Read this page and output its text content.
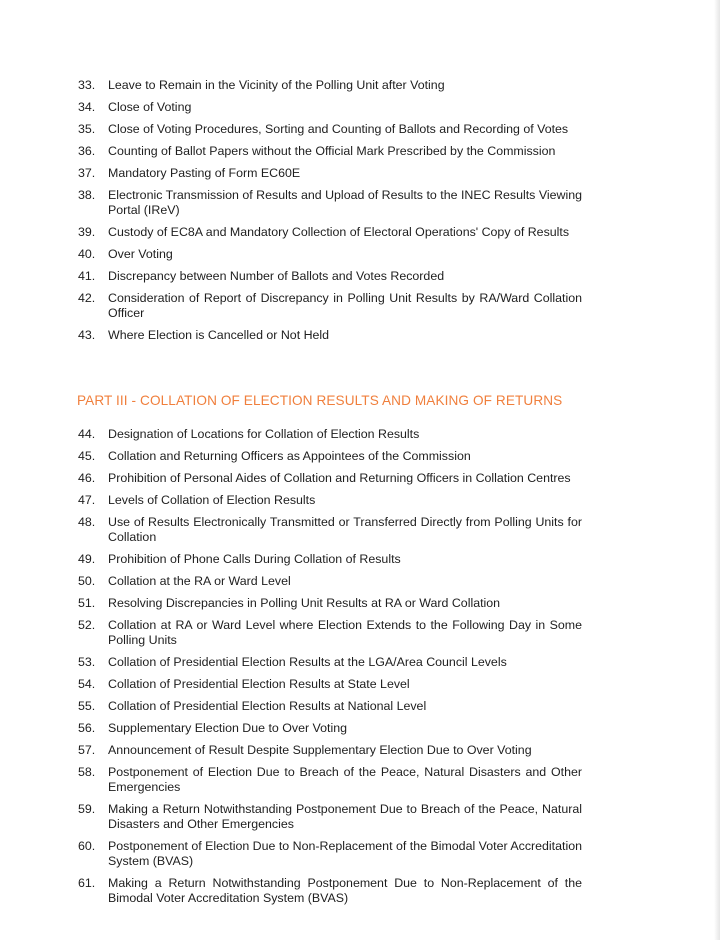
33.	Leave to Remain in the Vicinity of the Polling Unit after Voting
34.	Close of Voting
35.	Close of Voting Procedures, Sorting and Counting of Ballots and Recording of Votes
36.	Counting of Ballot Papers without the Official Mark Prescribed by the Commission
37.	Mandatory Pasting of Form EC60E
38.	Electronic Transmission of Results and Upload of Results to the INEC Results Viewing Portal (IReV)
39.	Custody of EC8A and Mandatory Collection of Electoral Operations' Copy of Results
40.	Over Voting
41.	Discrepancy between Number of Ballots and Votes Recorded
42.	Consideration of Report of Discrepancy in Polling Unit Results by RA/Ward Collation Officer
43.	Where Election is Cancelled or Not Held
PART III - COLLATION OF ELECTION RESULTS AND MAKING OF RETURNS
44.	Designation of Locations for Collation of Election Results
45.	Collation and Returning Officers as Appointees of the Commission
46.	Prohibition of Personal Aides of Collation and Returning Officers in Collation Centres
47.	Levels of Collation of Election Results
48.	Use of Results Electronically Transmitted or Transferred Directly from Polling Units for Collation
49.	Prohibition of Phone Calls During Collation of Results
50.	Collation at the RA or Ward Level
51.	Resolving Discrepancies in Polling Unit Results at RA or Ward Collation
52.	Collation at RA or Ward Level where Election Extends to the Following Day in Some Polling Units
53.	Collation of Presidential Election Results at the LGA/Area Council Levels
54.	Collation of Presidential Election Results at State Level
55.	Collation of Presidential Election Results at National Level
56.	Supplementary Election Due to Over Voting
57.	Announcement of Result Despite Supplementary Election Due to Over Voting
58.	Postponement of Election Due to Breach of the Peace, Natural Disasters and Other Emergencies
59.	Making a Return Notwithstanding Postponement Due to Breach of the Peace, Natural Disasters and Other Emergencies
60.	Postponement of Election Due to Non-Replacement of the Bimodal Voter Accreditation System (BVAS)
61.	Making a Return Notwithstanding Postponement Due to Non-Replacement of the Bimodal Voter Accreditation System (BVAS)
